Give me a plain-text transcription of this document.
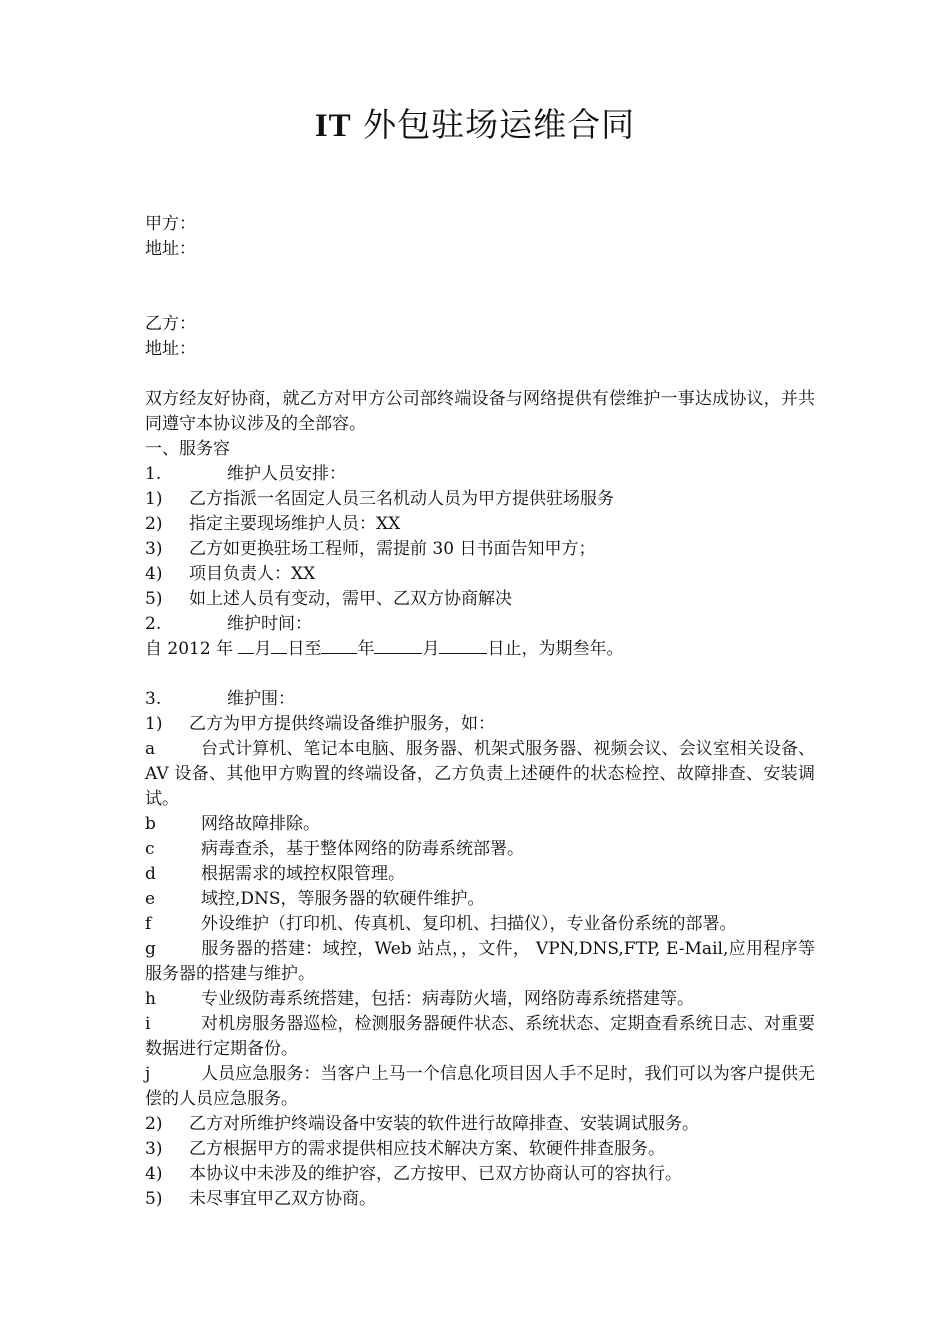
IT 外包驻场运维合同
甲方：
地址：
乙方：
地址：
双方经友好协商，就乙方对甲方公司部终端设备与网络提供有偿维护一事达成协议，并共同遵守本协议涉及的全部容。
一、服务容
1.	维护人员安排：
1) 乙方指派一名固定人员三名机动人员为甲方提供驻场服务
2) 指定主要现场维护人员：XX
3) 乙方如更换驻场工程师，需提前 30 日书面告知甲方；
4) 项目负责人：XX
5) 如上述人员有变动，需甲、乙双方协商解决
2.	维护时间：
自 2012 年 月 日至 年	月	日止，为期叁年。
3.	维护围：
1) 乙方为甲方提供终端设备维护服务，如：
a	台式计算机、笔记本电脑、服务器、机架式服务器、视频会议、会议室相关设备、AV 设备、其他甲方购置的终端设备，乙方负责上述硬件的状态检控、故障排查、安装调试。
b	网络故障排除。
c	病毒查杀，基于整体网络的防毒系统部署。
d	根据需求的域控权限管理。
e	域控,DNS，等服务器的软硬件维护。
f	外设维护（打印机、传真机、复印机、扫描仪），专业备份系统的部署。
g	服务器的搭建：域控，Web 站点，，文件， VPN,DNS,FTP, E-Mail,应用程序等服务器的搭建与维护。
h	专业级防毒系统搭建，包括：病毒防火墙，网络防毒系统搭建等。
i	对机房服务器巡检，检测服务器硬件状态、系统状态、定期查看系统日志、对重要数据进行定期备份。
j	人员应急服务：当客户上马一个信息化项目因人手不足时，我们可以为客户提供无偿的人员应急服务。
2) 乙方对所维护终端设备中安装的软件进行故障排查、安装调试服务。
3) 乙方根据甲方的需求提供相应技术解决方案、软硬件排查服务。
4) 本协议中未涉及的维护容，乙方按甲、已双方协商认可的容执行。
5) 未尽事宜甲乙双方协商。
